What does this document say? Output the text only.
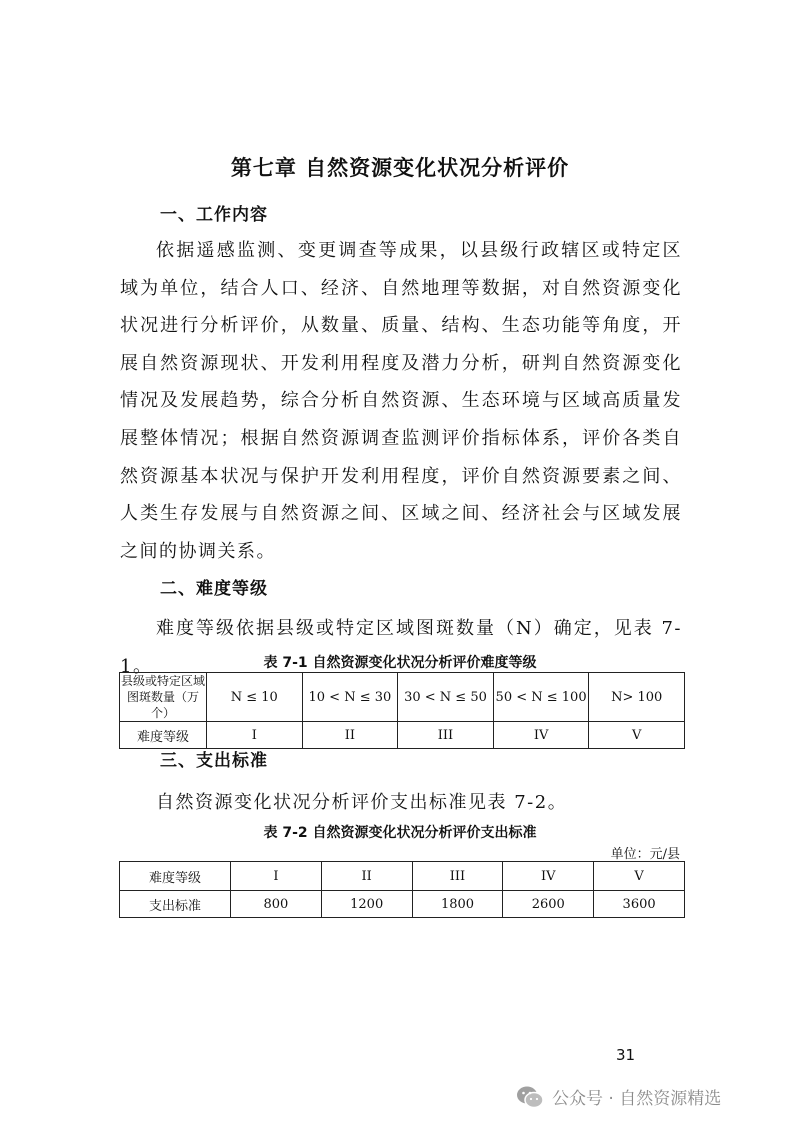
第七章 自然资源变化状况分析评价
一、工作内容

依据遥感监测、变更调查等成果，以县级行政辖区或特定区域为单位，结合人口、经济、自然地理等数据，对自然资源变化状况进行分析评价，从数量、质量、结构、生态功能等角度，开展自然资源现状、开发利用程度及潜力分析，研判自然资源变化情况及发展趋势，综合分析自然资源、生态环境与区域高质量发展整体情况；根据自然资源调查监测评价指标体系，评价各类自然资源基本状况与保护开发利用程度，评价自然资源要素之间、人类生存发展与自然资源之间、区域之间、经济社会与区域发展之间的协调关系。

二、难度等级

难度等级依据县级或特定区域图斑数量（N）确定，见表 7-1。	表 7-1 自然资源变化状况分析评价难度等级
县级或特定区域
图斑数量（万个）	N ≤ 10	10 < N ≤ 30	30 < N ≤ 50	50 < N ≤ 100	N> 100
难度等级	I	II	III	IV	V
三、支出标准

自然资源变化状况分析评价支出标准见表 7-2。

表 7-2 自然资源变化状况分析评价支出标准
单位：元/县
难度等级	I	II	III	IV	V
支出标准	800	1200	1800	2600	3600
31
公众号 · 自然资源精选
